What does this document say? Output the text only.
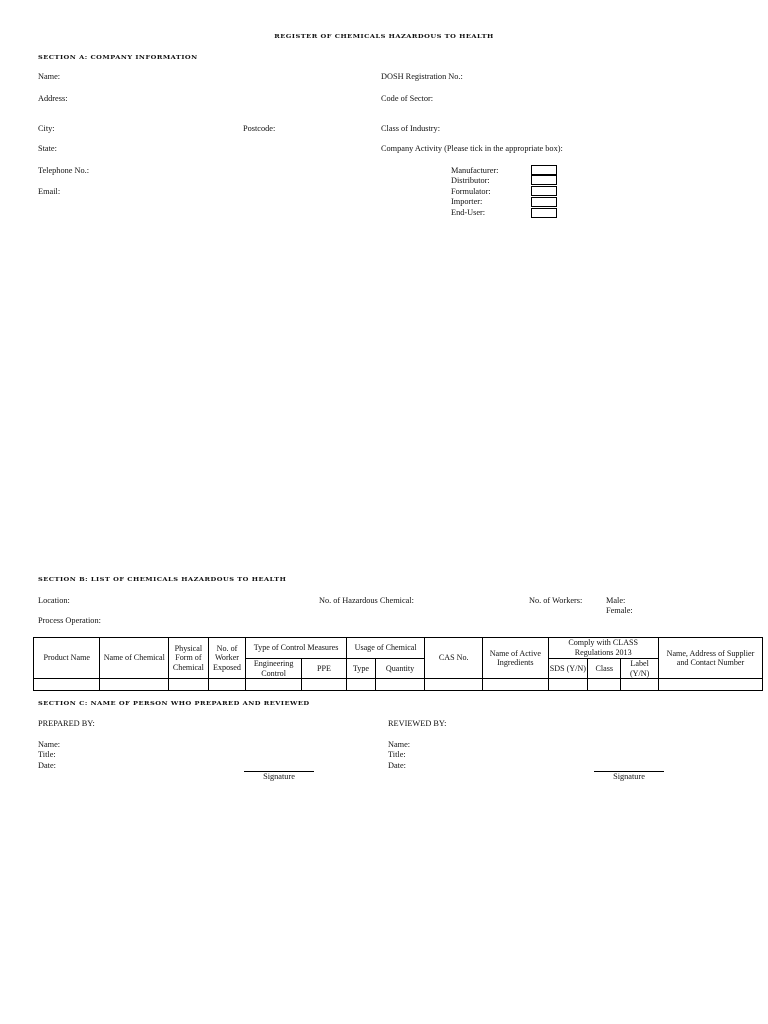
REGISTER OF CHEMICALS HAZARDOUS TO HEALTH
SECTION A: COMPANY INFORMATION
Name:
Address:
City:	Postcode:
State:
Telephone No.:
Email:
DOSH Registration No.:
Code of Sector:
Class of Industry:
Company Activity (Please tick in the appropriate box):
Manufacturer:
Distributor:
Formulator:
Importer:
End-User:
SECTION B: LIST OF CHEMICALS HAZARDOUS TO HEALTH
Location:	No. of Hazardous Chemical:	No. of Workers:	Male:
Female:
Process Operation:
Product Name	Name of Chemical	Physical Form of Chemical	No. of Worker Exposed	Type of Control Measures		Usage of Chemical		CAS No.	Name of Active Ingredients	Comply with CLASS Regulations 2013			Name, Address of Supplier and Contact Number
				Engineering Control	PPE	Type	Quantity			SDS (Y/N)	Class	Label (Y/N)	

SECTION C: NAME OF PERSON WHO PREPARED AND REVIEWED
PREPARED BY:
Name:
Title:
Date:
Signature
REVIEWED BY:
Name:
Title:
Date:
Signature
